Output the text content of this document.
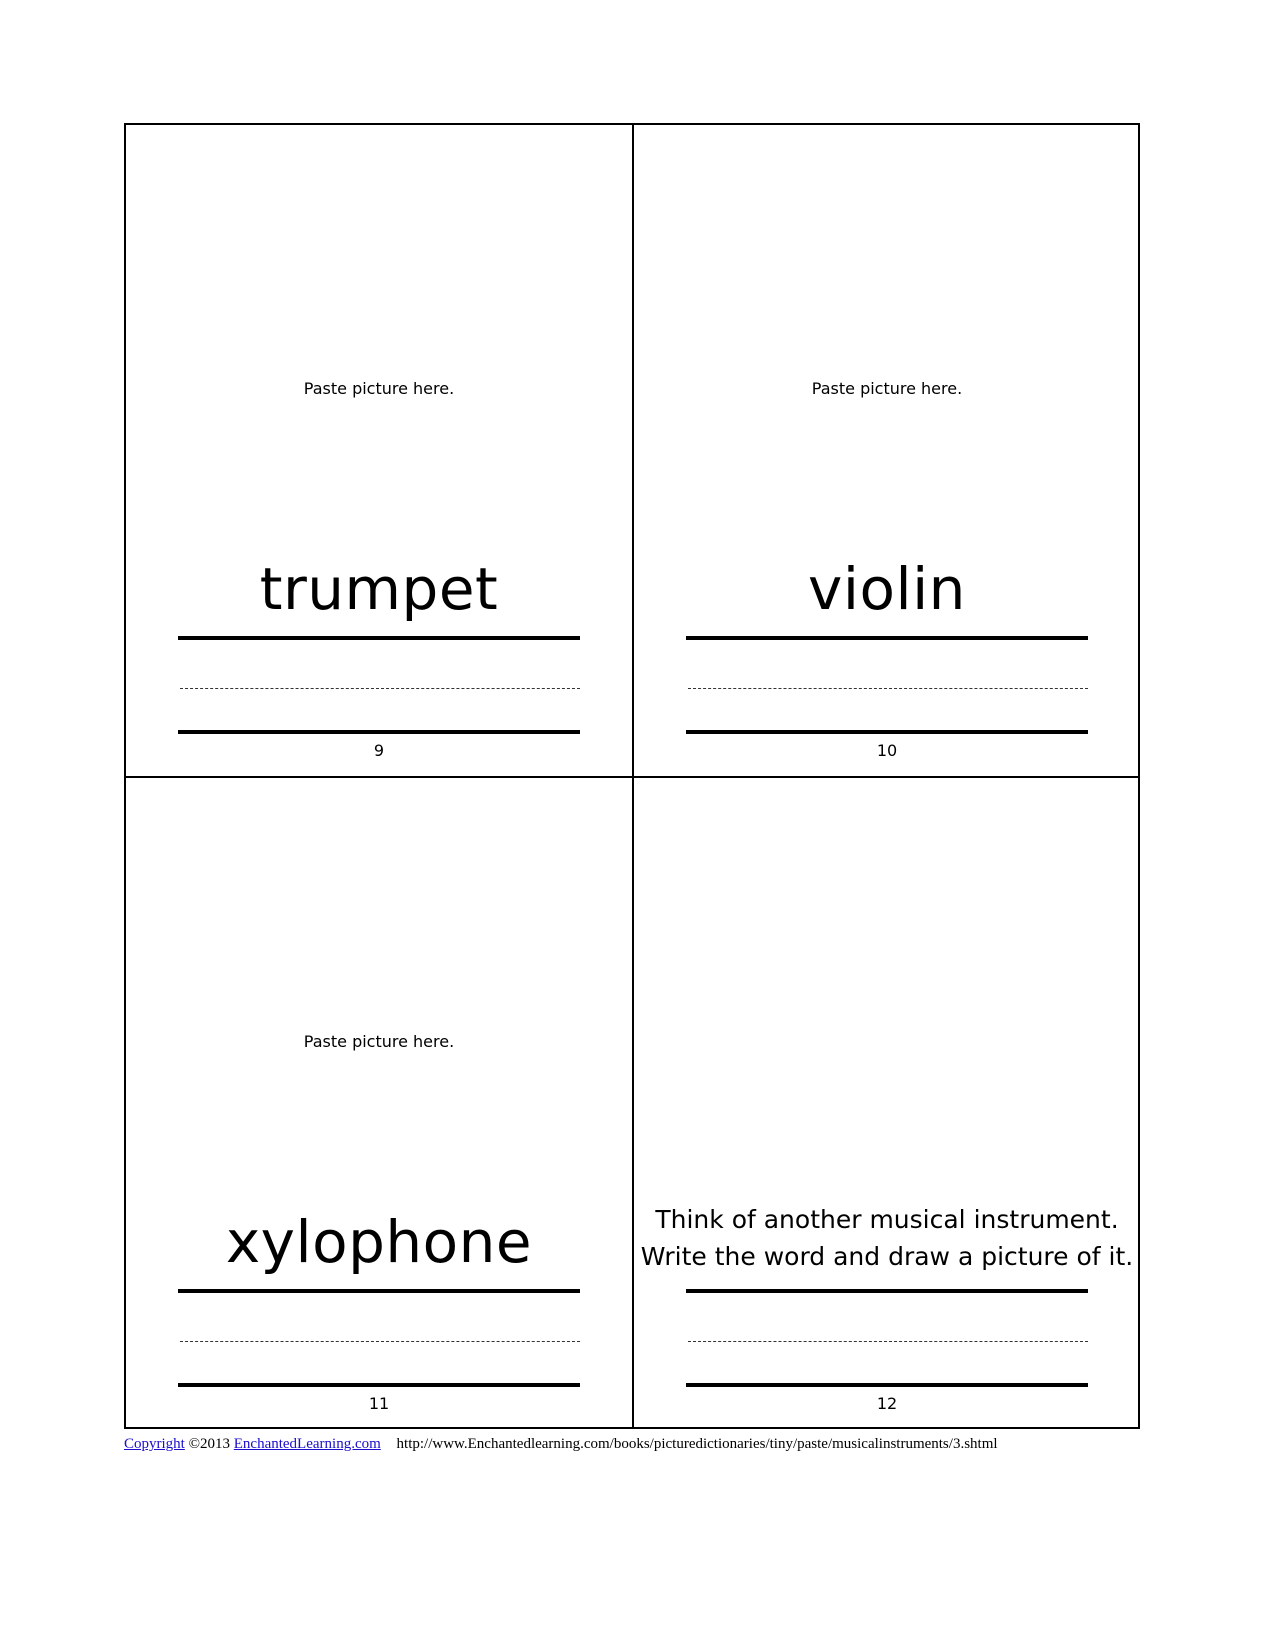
Paste picture here.
trumpet
9
Paste picture here.
violin
10
Paste picture here.
xylophone
11
Think of another musical instrument.
Write the word and draw a picture of it.
12
Copyright ©2013 EnchantedLearning.com http://www.Enchantedlearning.com/books/picturedictionaries/tiny/paste/musicalinstruments/3.shtml
